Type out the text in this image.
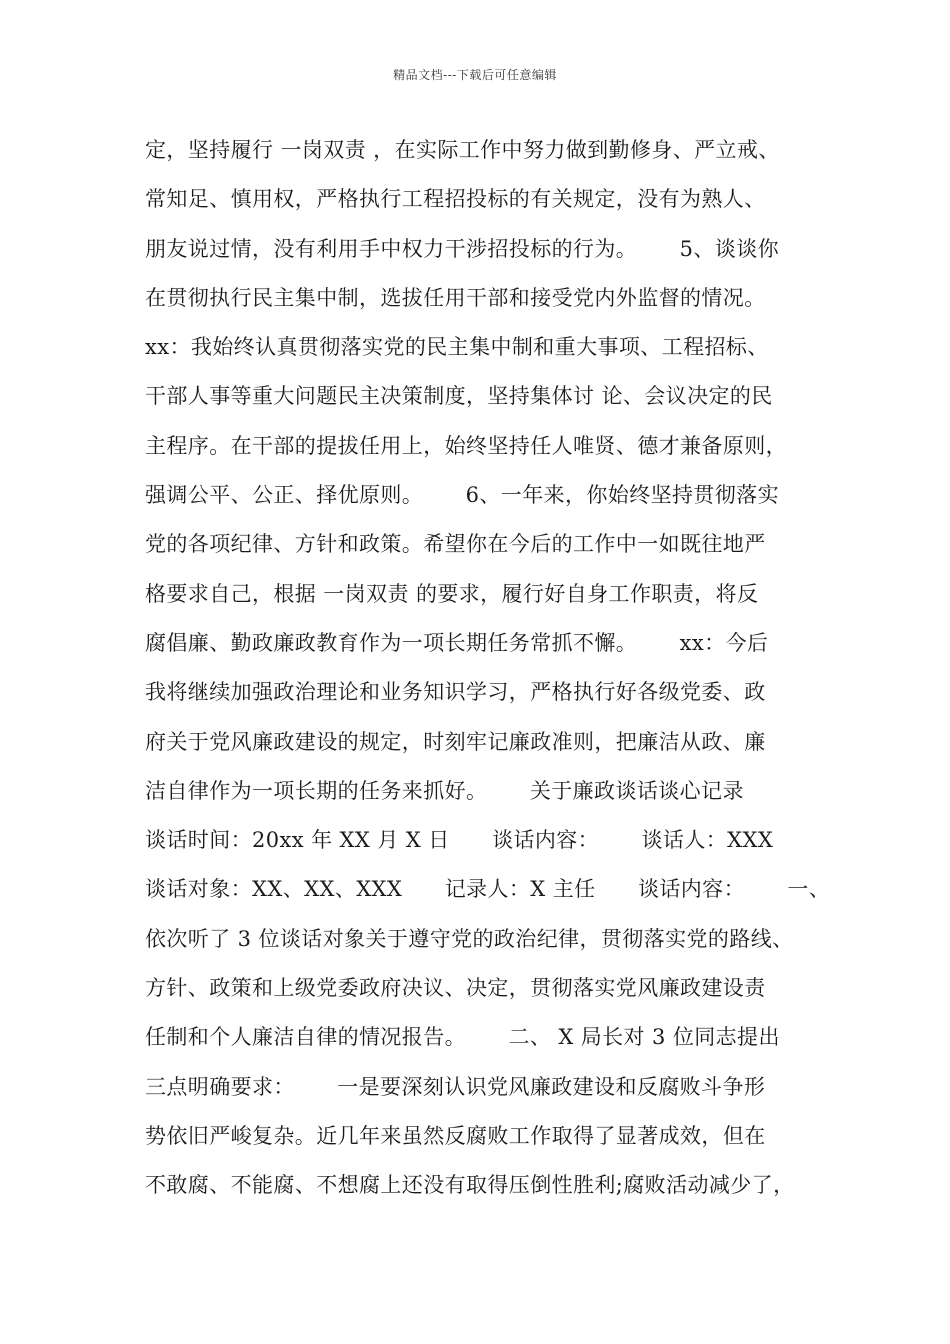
精品文档---下载后可任意编辑
定，坚持履行 一岗双责 ，在实际工作中努力做到勤修身、严立戒、
常知足、慎用权，严格执行工程招投标的有关规定，没有为熟人、
朋友说过情，没有利用手中权力干涉招投标的行为。      5、谈谈你
在贯彻执行民主集中制，选拔任用干部和接受党内外监督的情况。
xx：我始终认真贯彻落实党的民主集中制和重大事项、工程招标、
干部人事等重大问题民主决策制度，坚持集体讨 论、会议决定的民
主程序。在干部的提拔任用上，始终坚持任人唯贤、德才兼备原则，
强调公平、公正、择优原则。      6、一年来，你始终坚持贯彻落实
党的各项纪律、方针和政策。希望你在今后的工作中一如既往地严
格要求自己，根据 一岗双责 的要求，履行好自身工作职责，将反
腐倡廉、勤政廉政教育作为一项长期任务常抓不懈。      xx：今后
我将继续加强政治理论和业务知识学习，严格执行好各级党委、政
府关于党风廉政建设的规定，时刻牢记廉政准则，把廉洁从政、廉
洁自律作为一项长期的任务来抓好。      关于廉政谈话谈心记录
谈话时间：20xx 年 XX 月 X 日      谈话内容：      谈话人：XXX
谈话对象：XX、XX、XXX      记录人：X 主任      谈话内容：      一、
依次听了 3 位谈话对象关于遵守党的政治纪律，贯彻落实党的路线、
方针、政策和上级党委政府决议、决定，贯彻落实党风廉政建设责
任制和个人廉洁自律的情况报告。      二、 X 局长对 3 位同志提出
三点明确要求：      一是要深刻认识党风廉政建设和反腐败斗争形
势依旧严峻复杂。近几年来虽然反腐败工作取得了显著成效，但在
不敢腐、不能腐、不想腐上还没有取得压倒性胜利;腐败活动减少了，
